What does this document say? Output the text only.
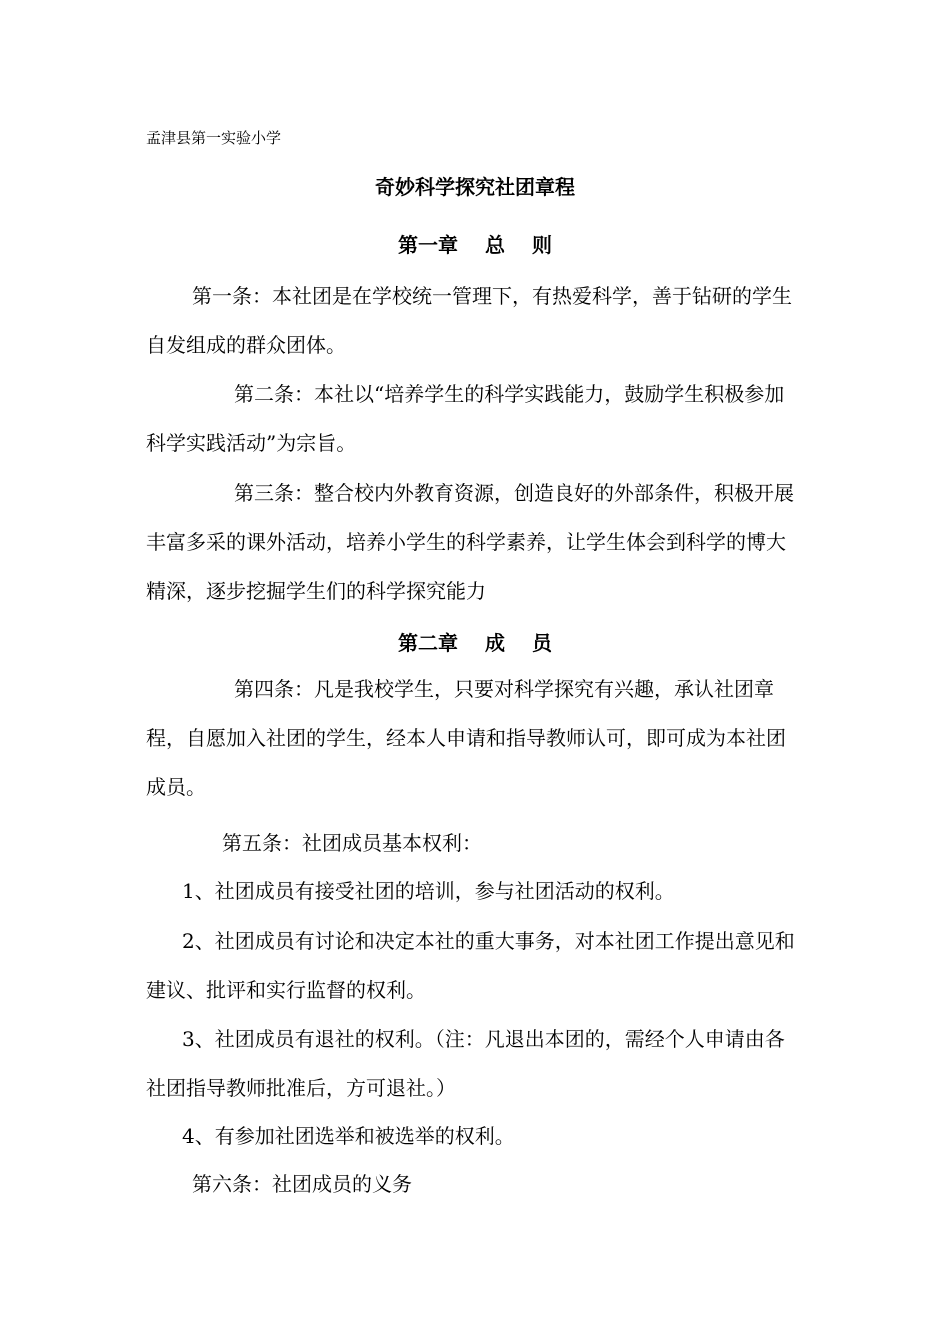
孟津县第一实验小学
奇妙科学探究社团章程
第一章　 总　 则

第一条：本社团是在学校统一管理下，有热爱科学，善于钻研的学生自发组成的群众团体。

第二条：本社以“培养学生的科学实践能力，鼓励学生积极参加科学实践活动”为宗旨。

第三条：整合校内外教育资源，创造良好的外部条件，积极开展丰富多采的课外活动，培养小学生的科学素养，让学生体会到科学的博大精深，逐步挖掘学生们的科学探究能力

第二章　 成　 员

第四条：凡是我校学生，只要对科学探究有兴趣，承认社团章程，自愿加入社团的学生，经本人申请和指导教师认可，即可成为本社团成员。

第五条：社团成员基本权利：

1、社团成员有接受社团的培训，参与社团活动的权利。

2、社团成员有讨论和决定本社的重大事务，对本社团工作提出意见和建议、批评和实行监督的权利。

3、社团成员有退社的权利。（注：凡退出本团的，需经个人申请由各社团指导教师批准后，方可退社。）

4、有参加社团选举和被选举的权利。

第六条：社团成员的义务
